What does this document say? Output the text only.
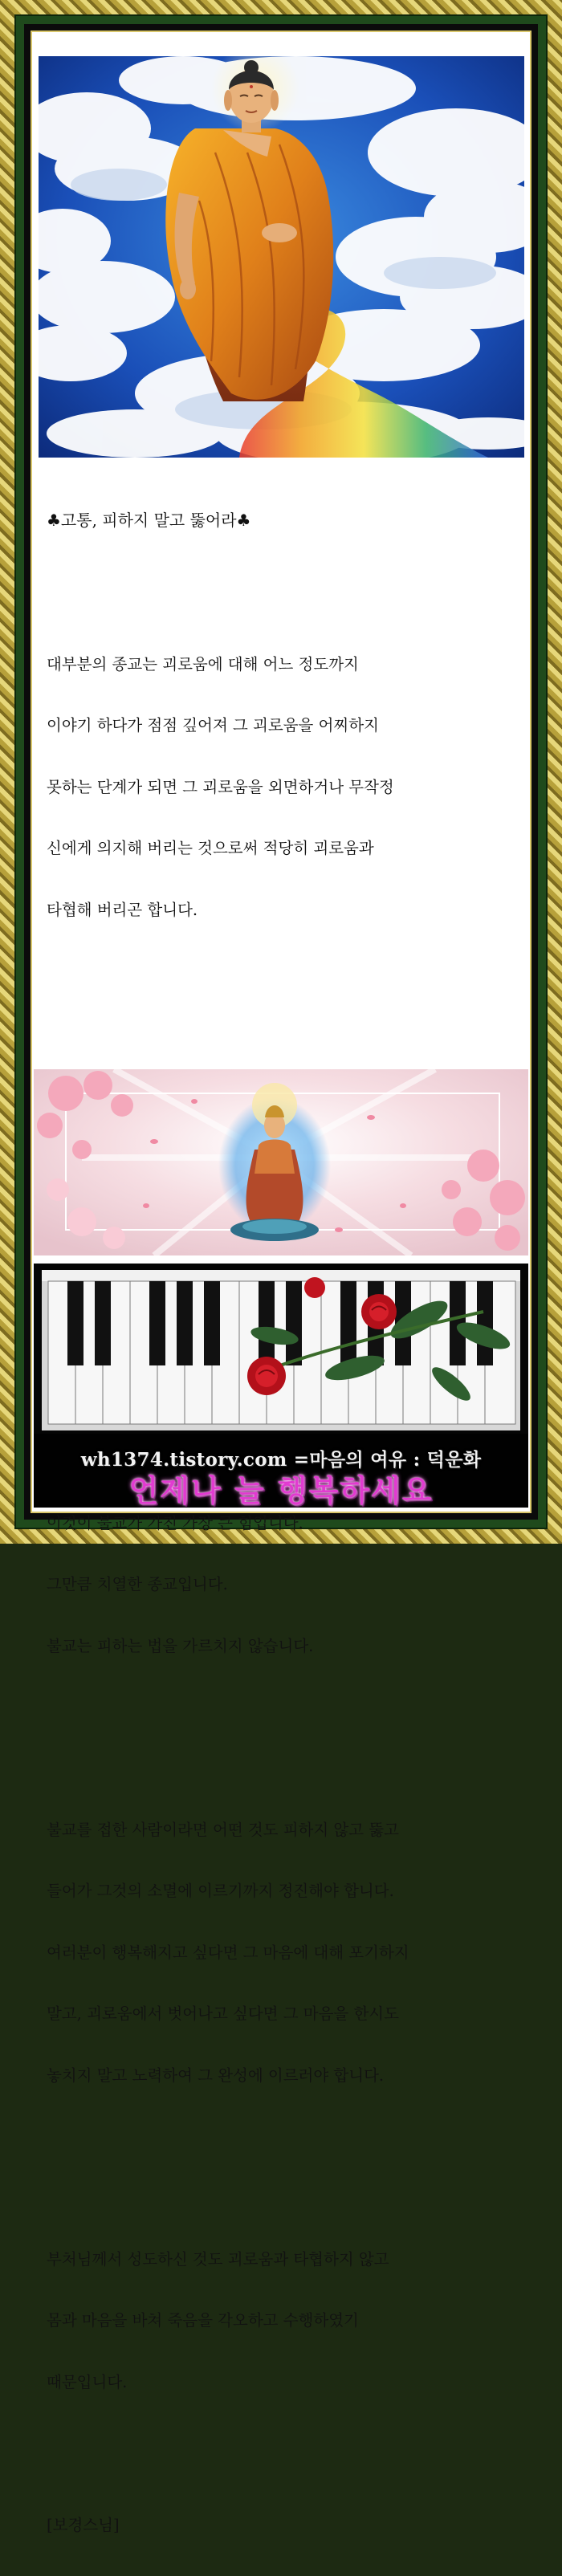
♣고통, 피하지 말고 뚫어라♣

대부분의 종교는 괴로움에 대해 어느 정도까지

이야기 하다가 점점 깊어져 그 괴로움을 어찌하지

못하는 단계가 되면 그 괴로움을 외면하거나 무작정

신에게 의지해 버리는 것으로써 적당히 괴로움과

타협해 버리곤 합니다.

이것이 불교가 가진 가장 큰 힘입니다.

그만큼 치열한 종교입니다.

불교는 피하는 법을 가르치지 않습니다.

불교를 접한 사람이라면 어떤 것도 피하지 않고 뚫고

들어가 그것의 소멸에 이르기까지 정진해야 합니다.

여러분이 행복해지고 싶다면 그 마음에 대해 포기하지

말고, 괴로움에서 벗어나고 싶다면 그 마음을 한시도

놓치지 말고 노력하여 그 완성에 이르러야 합니다.

부처님께서 성도하신 것도 괴로움과 타협하지 않고

몸과 마음을 바쳐 죽음을 각오하고 수행하였기

때문입니다.

[보경스님]

wh1374.tistory.com =마음의 여유 : 덕운화
언제나 늘 행복하세요
